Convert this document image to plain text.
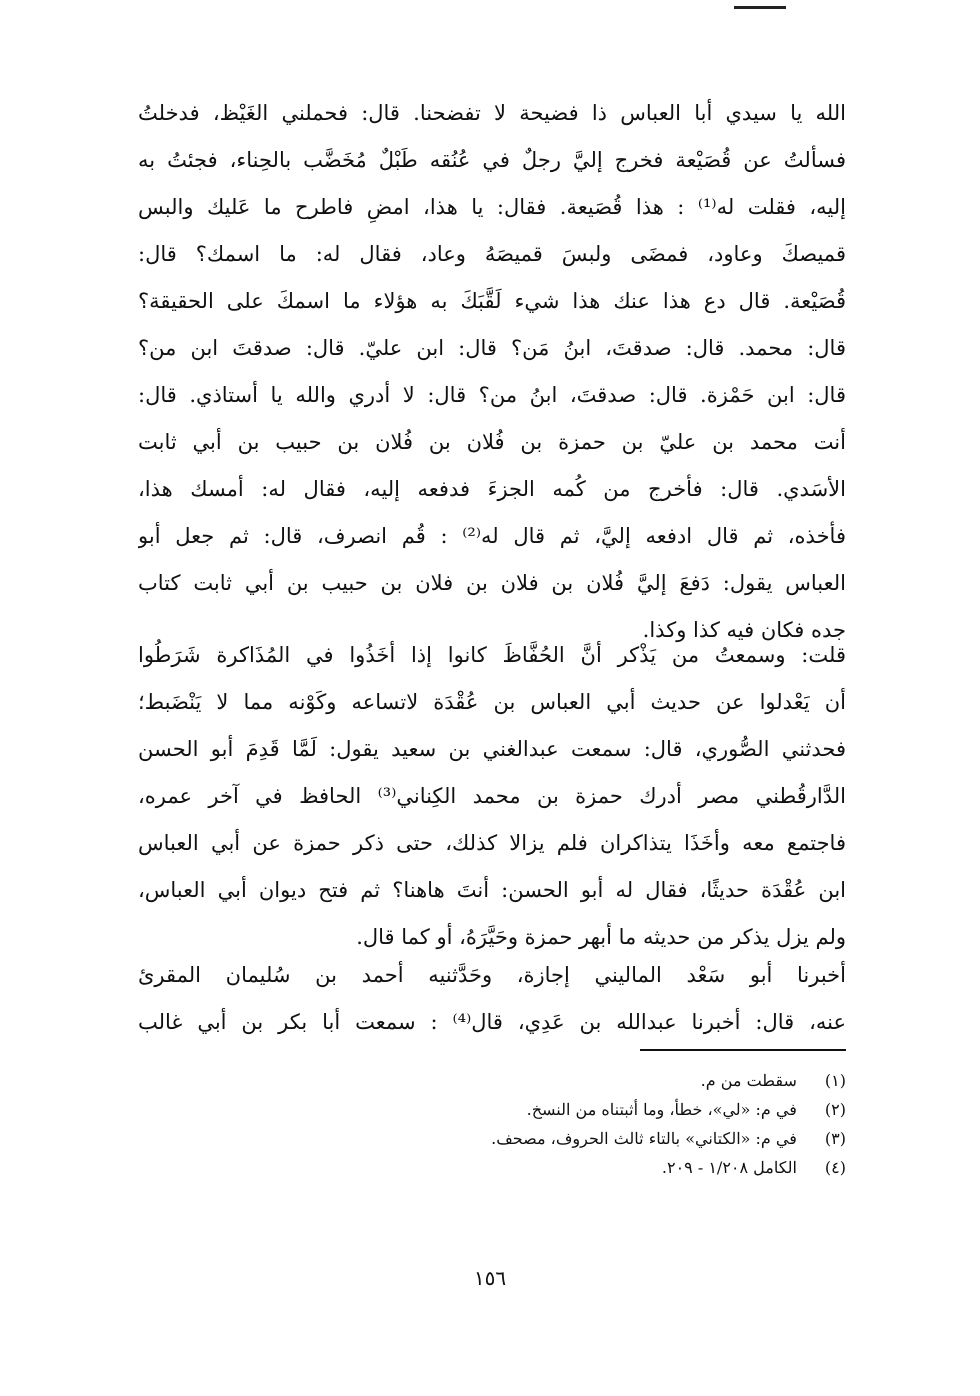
الله يا سيدي أبا العباس ذا فضيحة لا تفضحنا. قال: فحملني الغَيْظ، فدخلتُ
فسألتُ عن قُصَيْعة فخرج إليَّ رجلٌ في عُنُقه طَبْلٌ مُخَضَّب بالحِناء، فجئتُ به
إليه، فقلت له⁽¹⁾ : هذا قُصَيعة. فقال: يا هذا، امضِ فاطرح ما عَليك والبس
قميصكَ وعاود، فمضَى ولبسَ قميصَهُ وعاد، فقال له: ما اسمك؟ قال:
قُصَيْعة. قال دع هذا عنك هذا شيء لَقَّبَكَ به هؤلاء ما اسمكَ على الحقيقة؟
قال: محمد. قال: صدقتَ، ابنُ مَن؟ قال: ابن عليّ. قال: صدقتَ ابن من؟
قال: ابن حَمْزة. قال: صدقتَ، ابنُ من؟ قال: لا أدري والله يا أستاذي. قال:
أنت محمد بن عليّ بن حمزة بن فُلان بن فُلان بن حبيب بن أبي ثابت
الأسَدي. قال: فأخرج من كُمه الجزءَ فدفعه إليه، فقال له: أمسك هذا،
فأخذه، ثم قال ادفعه إليَّ، ثم قال له⁽²⁾ : قُم انصرف، قال: ثم جعل أبو
العباس يقول: دَفعَ إليَّ فُلان بن فلان بن فلان بن حبيب بن أبي ثابت كتاب
جده فكان فيه كذا وكذا.
قلت: وسمعتُ من يَذْكر أنَّ الحُفَّاظَ كانوا إذا أخَذُوا في المُذَاكرة شَرَطُوا
أن يَعْدلوا عن حديث أبي العباس بن عُقْدَة لاتساعه وكَوْنه مما لا يَنْضَبط؛
فحدثني الصُّوري، قال: سمعت عبدالغني بن سعيد يقول: لَمَّا قَدِمَ أبو الحسن
الدَّارقُطني مصر أدرك حمزة بن محمد الكِناني⁽³⁾ الحافظ في آخر عمره،
فاجتمع معه وأخَذَا يتذاكران فلم يزالا كذلك، حتى ذكر حمزة عن أبي العباس
ابن عُقْدَة حديثًا، فقال له أبو الحسن: أنتَ هاهنا؟ ثم فتح ديوان أبي العباس،
ولم يزل يذكر من حديثه ما أبهر حمزة وحَيَّرَهُ، أو كما قال.
أخبرنا أبو سَعْد الماليني إجازة، وحَدَّثنيه أحمد بن سُليمان المقرئ
عنه، قال: أخبرنا عبدالله بن عَدِي، قال⁽⁴⁾ : سمعت أبا بكر بن أبي غالب
(١) سقطت من م.
(٢) في م: «لي»، خطأ، وما أثبتناه من النسخ.
(٣) في م: «الكتاني» بالتاء ثالث الحروف، مصحف.
(٤) الكامل ١/٢٠٨ - ٢٠٩.
١٥٦
